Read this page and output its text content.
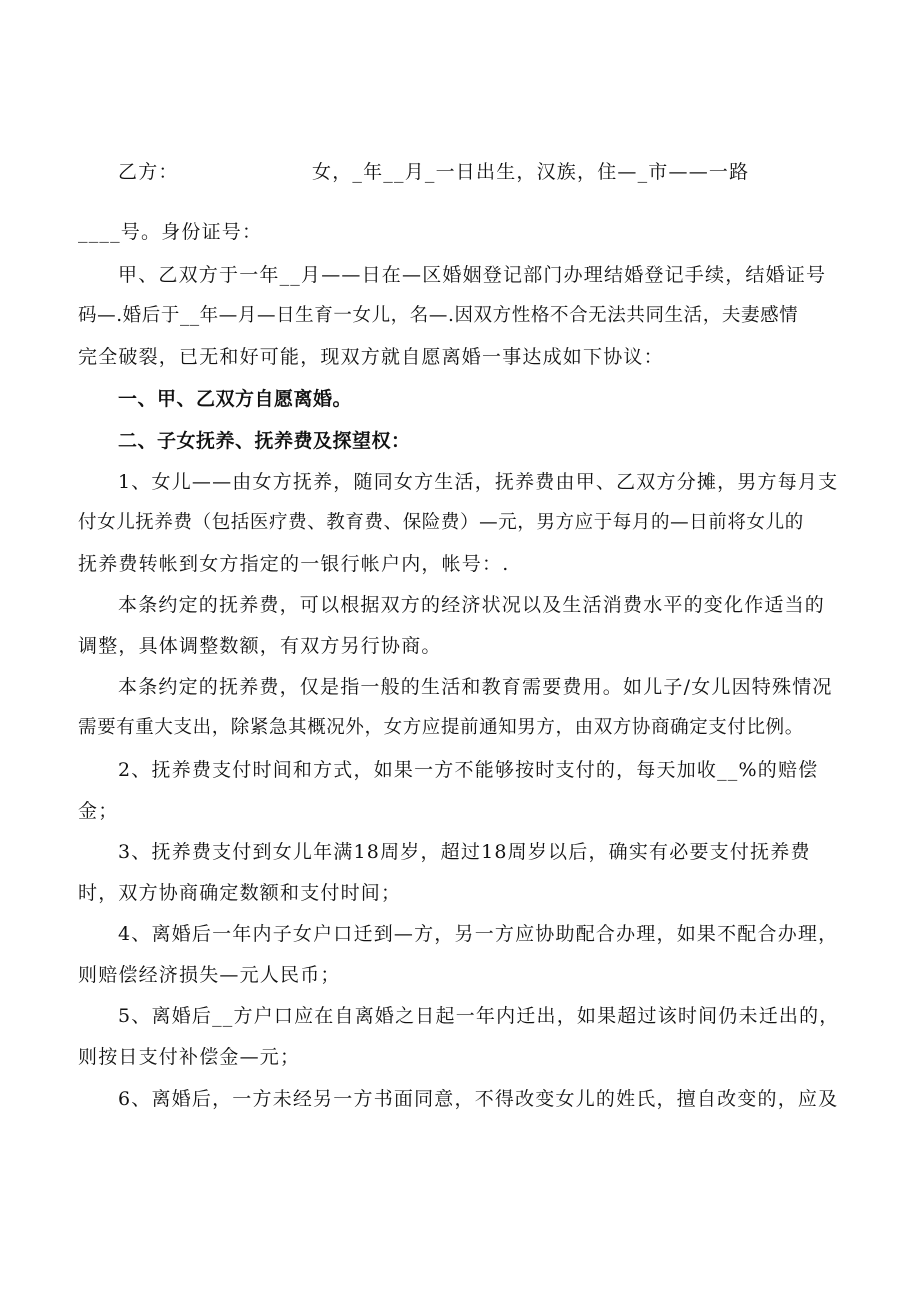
乙方：	女，_年__月_一日出生，汉族，住—_市——一路
____号。身份证号：
甲、乙双方于一年__月——日在—区婚姻登记部门办理结婚登记手续，结婚证号
码—.婚后于__年—月—日生育一女儿，名—.因双方性格不合无法共同生活，夫妻感情
完全破裂，已无和好可能，现双方就自愿离婚一事达成如下协议：
一、甲、乙双方自愿离婚。
二、子女抚养、抚养费及探望权：
1、女儿——由女方抚养，随同女方生活，抚养费由甲、乙双方分摊，男方每月支
付女儿抚养费（包括医疗费、教育费、保险费）—元，男方应于每月的—日前将女儿的
抚养费转帐到女方指定的一银行帐户内，帐号：.
本条约定的抚养费，可以根据双方的经济状况以及生活消费水平的变化作适当的
调整，具体调整数额，有双方另行协商。
本条约定的抚养费，仅是指一般的生活和教育需要费用。如儿子/女儿因特殊情况
需要有重大支出，除紧急其概况外，女方应提前通知男方，由双方协商确定支付比例。
2、抚养费支付时间和方式，如果一方不能够按时支付的，每天加收__%的赔偿
金；
3、抚养费支付到女儿年满18周岁，超过18周岁以后，确实有必要支付抚养费
时，双方协商确定数额和支付时间；
4、离婚后一年内子女户口迁到—方，另一方应协助配合办理，如果不配合办理，
则赔偿经济损失—元人民币；
5、离婚后__方户口应在自离婚之日起一年内迁出，如果超过该时间仍未迁出的，
则按日支付补偿金—元；
6、离婚后，一方未经另一方书面同意，不得改变女儿的姓氏，擅自改变的，应及
